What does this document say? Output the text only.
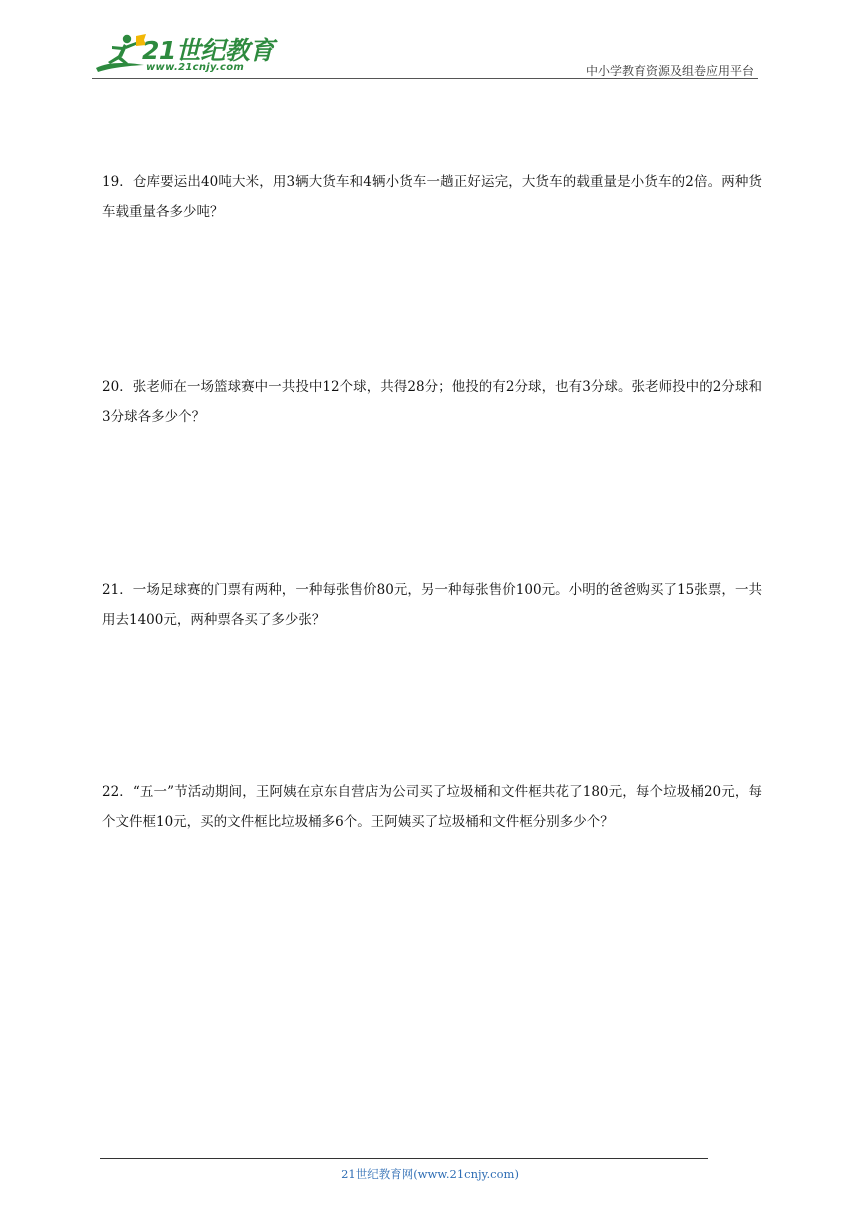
21世纪教育
www.21cnjy.com	中小学教育资源及组卷应用平台

19．仓库要运出40吨大米，用3辆大货车和4辆小货车一趟正好运完，大货车的载重量是小货车的2倍。两种货车载重量各多少吨？

20．张老师在一场篮球赛中一共投中12个球，共得28分；他投的有2分球，也有3分球。张老师投中的2分球和3分球各多少个？

21．一场足球赛的门票有两种，一种每张售价80元，另一种每张售价100元。小明的爸爸购买了15张票，一共用去1400元，两种票各买了多少张？

22．“五一”节活动期间，王阿姨在京东自营店为公司买了垃圾桶和文件框共花了180元，每个垃圾桶20元，每个文件框10元，买的文件框比垃圾桶多6个。王阿姨买了垃圾桶和文件框分别多少个？

21世纪教育网(www.21cnjy.com)
